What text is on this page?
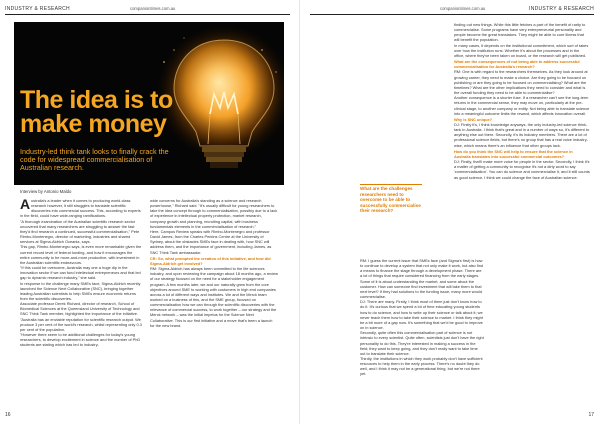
INDUSTRY & RESEARCH	companiontimes.com.au
The idea is to
make money
Industry-led think tank looks to finally crack the code for widespread commercialisation of Australian research.
Interview by Antonio Maldo
A ustralia's a leader when it comes to producing world-class research however, it still struggles to translate scientific discoveries into commercial success. This, according to experts in the field, could have wide-ranging ramifications.

"A thorough examination of the Australian scientific research sector uncovered that many researchers are struggling to answer the fast they'd find research a continued, successful commercialisation," Pete Rimbo-Montenegro, director of marketing, industries and shared services at Sigma-Aldrich Oceania, says.

This gap, Rimbo-Montenegro says, is even more remarkable given the current record level of federal funding, and how it encourages the entire community to be more-and-more productive, with investment in the Australian scientific endeavours.

"If this could be overcome, Australia may one a huge dip in the innovation sector if we can fund intellectual entrepreneurs and that led gap to dynamic research industry," she said.

In response to the challenge many SMEs face, Sigma-Aldrich recently launched the Science Next Collaborative (SNC), bringing together leading Australian scientists to help SMEs ensure economic returns from the scientific discoveries.

Associate professor Derek Richard, director of research, School of Biomedical Sciences at the Queensland University of Technology and SNC Think Tank member, highlighted the importance of the initiative.

"Australia has an enviable reputation for scientific research output. We produce 3 per cent of the world's research, whilst representing only 0.3 per cent of the population.

"However there seem to be additional challenges for today's young researchers, to develop excitement in science and the number of PhD students are stating which has led to industry-

wide concerns for Australia's standing as a science and research powerhouse," Richard said. "It's usually difficult for young researchers to take the idea concept through to commercialisation, possibly due to a lack of experience in intellectual property protection, market research, company growth and planning, recruiting capital, with business fundamentals elements in the commercialisation of research."

Here, Campus Review speaks with Rimbo-Montenegro and professor David James, from the Charles Perkins Centre at the University of Sydney, about the obstacles SMEs face in dealing with, how SNC will address them, and the importance of government, including James, as SNC Think Tank ambassador.

CR: So, what prompted the creation of this initiative, and how did Sigma-Aldrich get involved?

RM: Sigma-Aldrich has always been committed to the life sciences industry, and upon reviewing the campaign about 18 months ago, a review of our strategy focused on the need for a stakeholder engagement program. A few months later, we and our naturally grew from the core objectives around SME to working with customers in high end companies across a lot of different ways and institutes. We and the Merck team worked on a business of this, and the SME group, focused on commercialisation how we can through the scientific discoveries with the relevance of commercial success, to work together – our strategy and the Merck network – was the initial impetus for the Science Next Collaborative. This is our first initiative and a move that's been a launch for the new brand.

16
companiontimes.com.au	INDUSTRY & RESEARCH

RM: I guess the current issue that SMEs face (and Sigma's first) is how to continue to develop a system that not only make it work, but also find a means to finance the stage through a development phase. There are a lot of things that require considered financing from the early stages. Some of it is about understanding the market, and some about the customer. How can someone find investment that will take them to that next level? If they had solutions to the funding issue, many more would commercialise.

DJ: There are many. Firstly, I think most of them just don't know how to do it. It's curious that we spend a lot of time educating young students how to do science, and how to write up their science or talk about it; we never teach them how to take their science to market. I think they might be a bit more of a gap now. It's something that we'd be good to improve on in science.

Secondly, quite often this commercialisation part of science is not intrinsic to every scientist. Quite often, scientists just don't have the right personality to do this. They're interested in making a success in the field; they want to keep going, and they don't really want to take time out to translate their science.

Thirdly, the institutions in which they work probably don't have sufficient resources to help them in the early process. There's no doubt they do well, and I think it may not be a generational thing, but we're not there yet.

finding out new things. While this little fetches a part of the benefit of rarity to commercialise. Some programs have very entrepreneurial personality and people become the great translators. They might be able to cure illness that will benefit the population.

In many cases, it depends on the institutional commitment, which sort of takes over how the institution runs: Whether it's about the processes and in the office, where they've been taken on board, or the research will get published.

What are the consequences of not being able to address successful commercialisation for Australia's research?

RM: One is with regard to the researchers themselves. As they look around at growing career, they need to make a choice. Are they going to be focused on publishing or are they going to be focused on commercialising? What are the timelines? What are the other implications they need to consider and what is the overall funding they need to be able to commercialise?

Another consequence is a shorter fuse. If a researcher can't see the long-term returns in the commercial sense, they may move on, particularly at the pre-clinical stage, to another company or entity. Not being able to translate science into a meaningful outcome limits the reward, which affects innovation overall.

Why is SNC unique?

DJ: Firstly it's, I think knowledge anyways, the only industry-led science think-tank in Australia. I think that's great and in a number of ways so, it's different to anything else out there. Secondly, it's its industry members. There are a lot of professional science fields, but there's no group that has a real voice industry-wise, which means there's an influence that other groups lack.

How do you think the SNC will help to ensure that the science in Australia translates into successful commercial outcomes?

DJ: Firstly, that'll make more voice for people in the sector. Secondly, I think it's a matter of getting a community to recognise it's not a dirty word to say 'commercialisation'. You can do science and commercialise it, and it still counts as good science. I think we could change the face of Australian science.

17
What are the challenges researchers need to overcome to be able to successfully commercialise their research?
